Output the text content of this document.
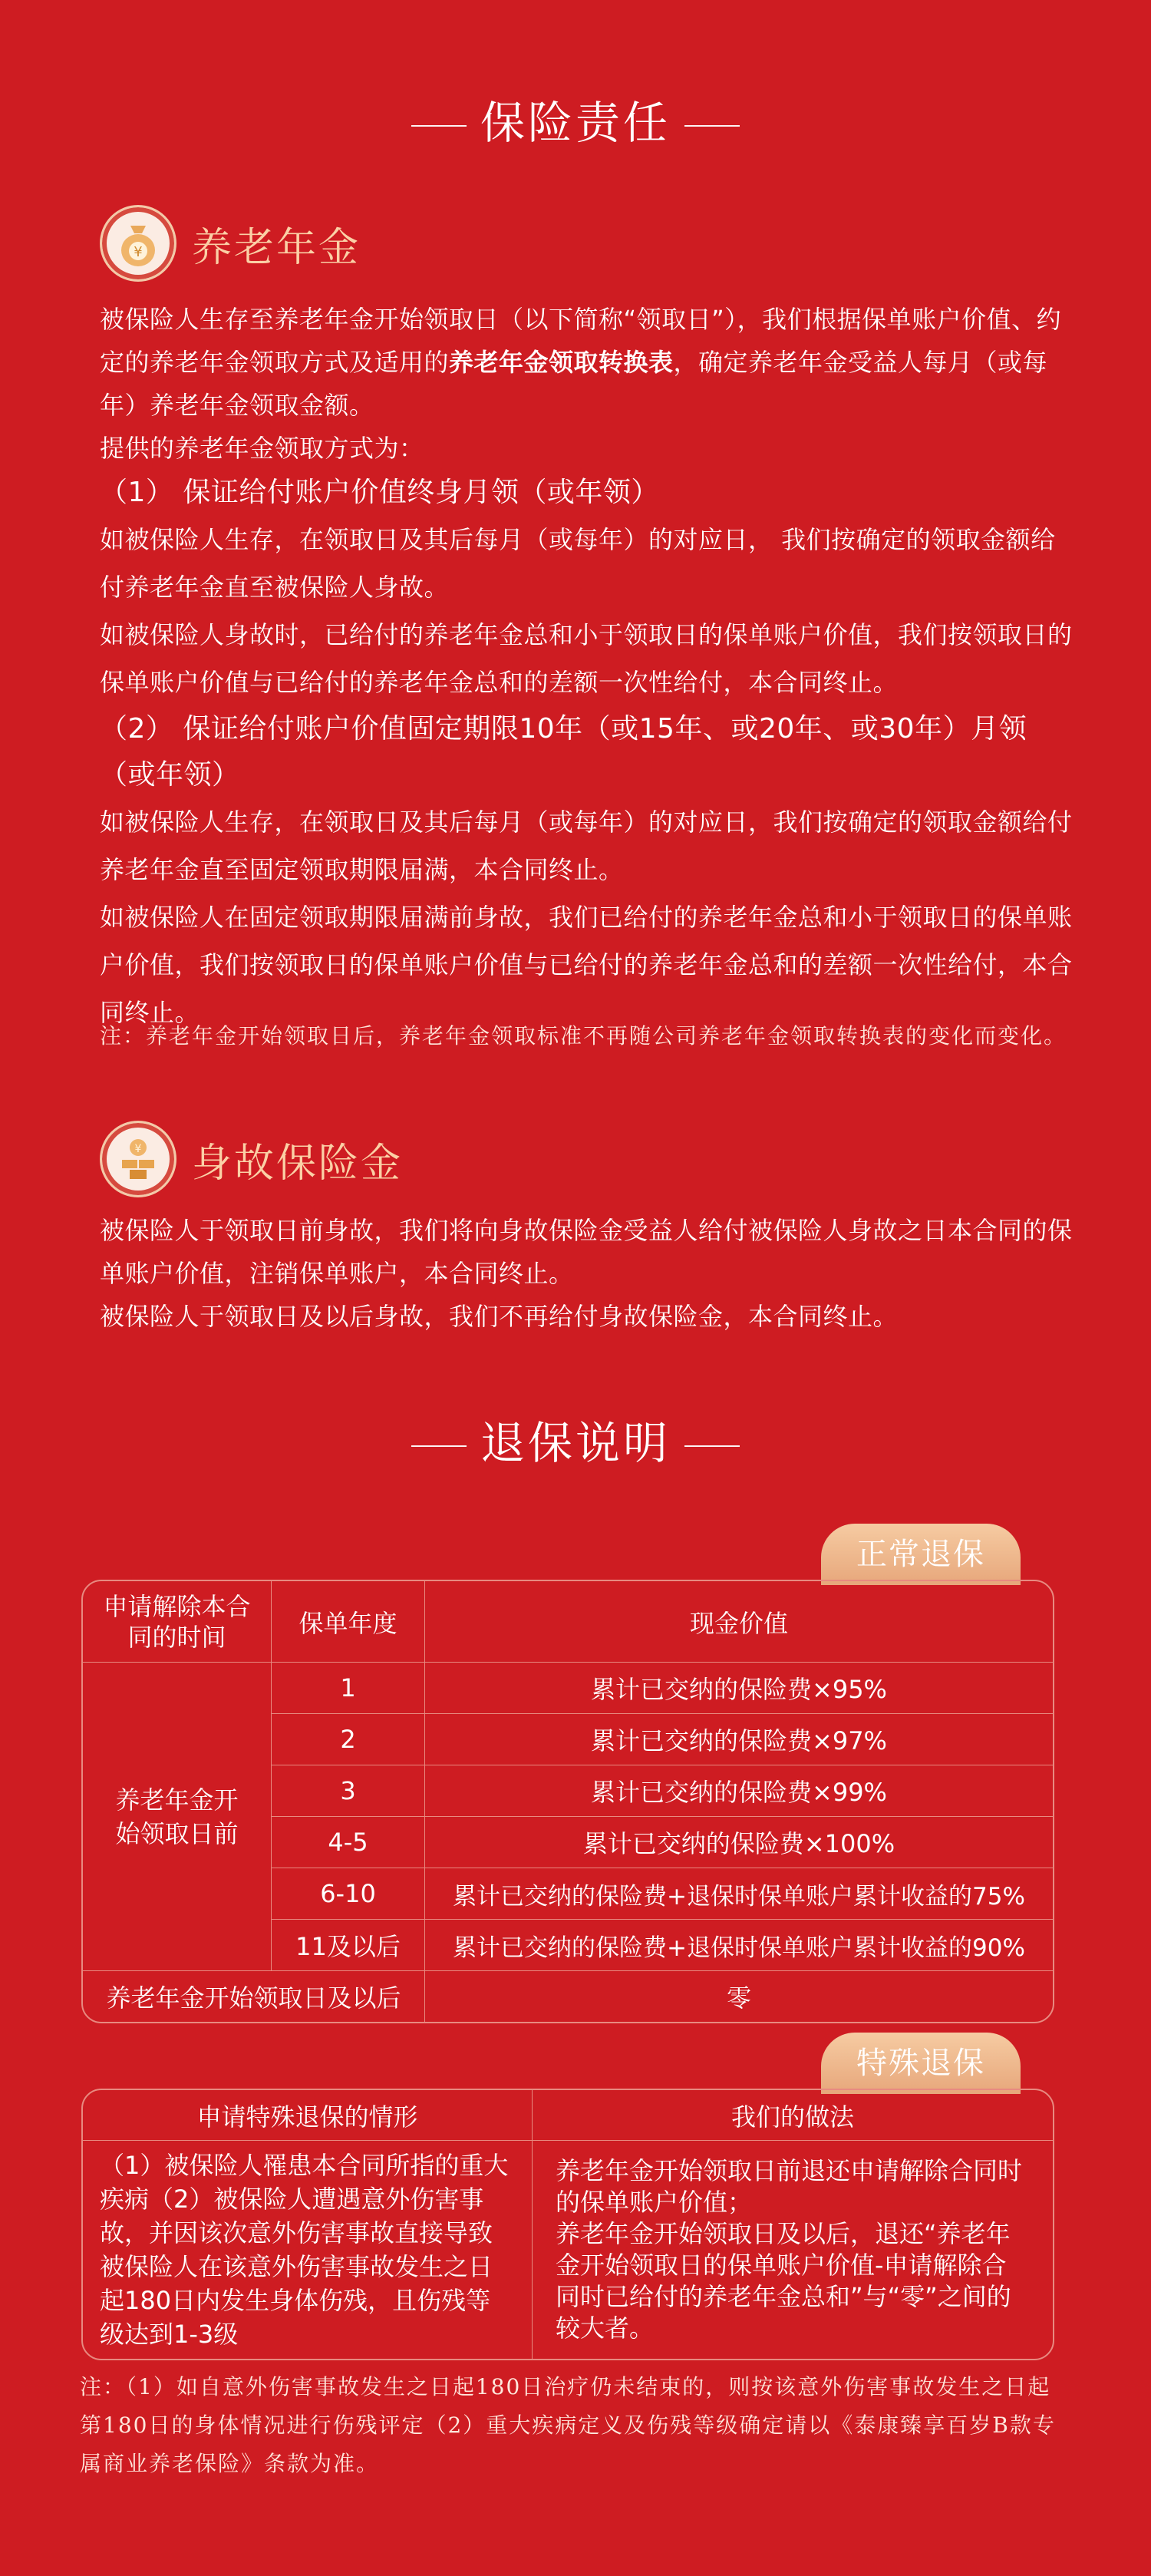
保险责任
¥ 养老年金

被保险人生存至养老年金开始领取日（以下简称“领取日”），我们根据保单账户价值、约定的养老年金领取方式及适用的养老年金领取转换表，确定养老年金受益人每月（或每年）养老年金领取金额。

提供的养老年金领取方式为：

（1） 保证给付账户价值终身月领（或年领）

如被保险人生存，在领取日及其后每月（或每年）的对应日， 我们按确定的领取金额给付养老年金直至被保险人身故。

如被保险人身故时，已给付的养老年金总和小于领取日的保单账户价值，我们按领取日的保单账户价值与已给付的养老年金总和的差额一次性给付，本合同终止。

（2） 保证给付账户价值固定期限10年（或15年、或20年、或30年）月领（或年领）

如被保险人生存，在领取日及其后每月（或每年）的对应日，我们按确定的领取金额给付养老年金直至固定领取期限届满，本合同终止。

如被保险人在固定领取期限届满前身故，我们已给付的养老年金总和小于领取日的保单账户价值，我们按领取日的保单账户价值与已给付的养老年金总和的差额一次性给付，本合同终止。

注：养老年金开始领取日后，养老年金领取标准不再随公司养老年金领取转换表的变化而变化。
¥ 身故保险金

被保险人于领取日前身故，我们将向身故保险金受益人给付被保险人身故之日本合同的保单账户价值，注销保单账户，本合同终止。

被保险人于领取日及以后身故，我们不再给付身故保险金，本合同终止。

退保说明
正常退保
申请解除本合同的时间	保单年度	现金价值
养老年金开始领取日前	1	累计已交纳的保险费×95%
	2	累计已交纳的保险费×97%
	3	累计已交纳的保险费×99%
	4-5	累计已交纳的保险费×100%
	6-10	累计已交纳的保险费+退保时保单账户累计收益的75%
	11及以后	累计已交纳的保险费+退保时保单账户累计收益的90%
养老年金开始领取日及以后		零
特殊退保
申请特殊退保的情形	我们的做法
（1）被保险人罹患本合同所指的重大疾病（2）被保险人遭遇意外伤害事故，并因该次意外伤害事故直接导致被保险人在该意外伤害事故发生之日起180日内发生身体伤残，且伤残等级达到1-3级	养老年金开始领取日前退还申请解除合同时的保单账户价值；
养老年金开始领取日及以后，退还“养老年金开始领取日的保单账户价值-申请解除合同时已给付的养老年金总和”与“零”之间的较大者。
注：（1）如自意外伤害事故发生之日起180日治疗仍未结束的，则按该意外伤害事故发生之日起第180日的身体情况进行伤残评定（2）重大疾病定义及伤残等级确定请以《泰康臻享百岁B款专属商业养老保险》条款为准。
